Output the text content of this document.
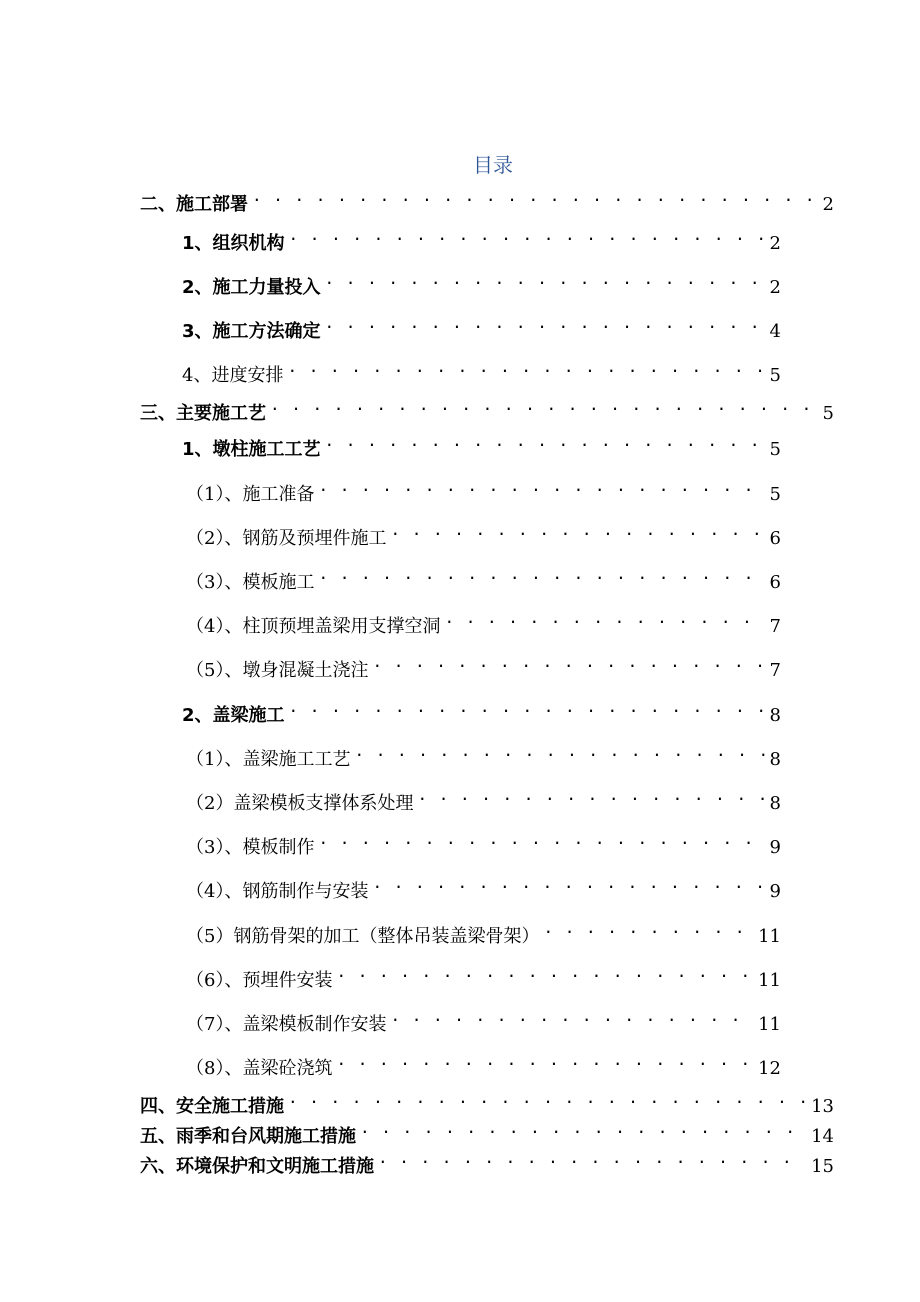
目录
二、施工部署 . . .	2
1、组织机构 . . .	2
2、施工力量投入 . . .	2
3、施工方法确定 . . .	4
4、进度安排 . . .	5
三、主要施工艺 . . .	5
1、墩柱施工工艺 . . .	5
（1）、施工准备 . . .	5
（2）、钢筋及预埋件施工 . . .	6
（3）、模板施工 . . .	6
（4）、柱顶预埋盖梁用支撑空洞 . . .	7
（5）、墩身混凝土浇注 . . .	7
2、盖梁施工 . . .	8
（1）、盖梁施工工艺 . . .	8
（2）盖梁模板支撑体系处理 . . .	8
（3）、模板制作 . . .	9
（4）、钢筋制作与安装 . . .	9
（5）钢筋骨架的加工（整体吊装盖梁骨架） . . .	11
（6）、预埋件安装 . . .	11
（7）、盖梁模板制作安装 . . .	11
（8）、盖梁砼浇筑 . . .	12
四、安全施工措施 . . .	13
五、雨季和台风期施工措施 . . .	14
六、环境保护和文明施工措施 . . .	15
